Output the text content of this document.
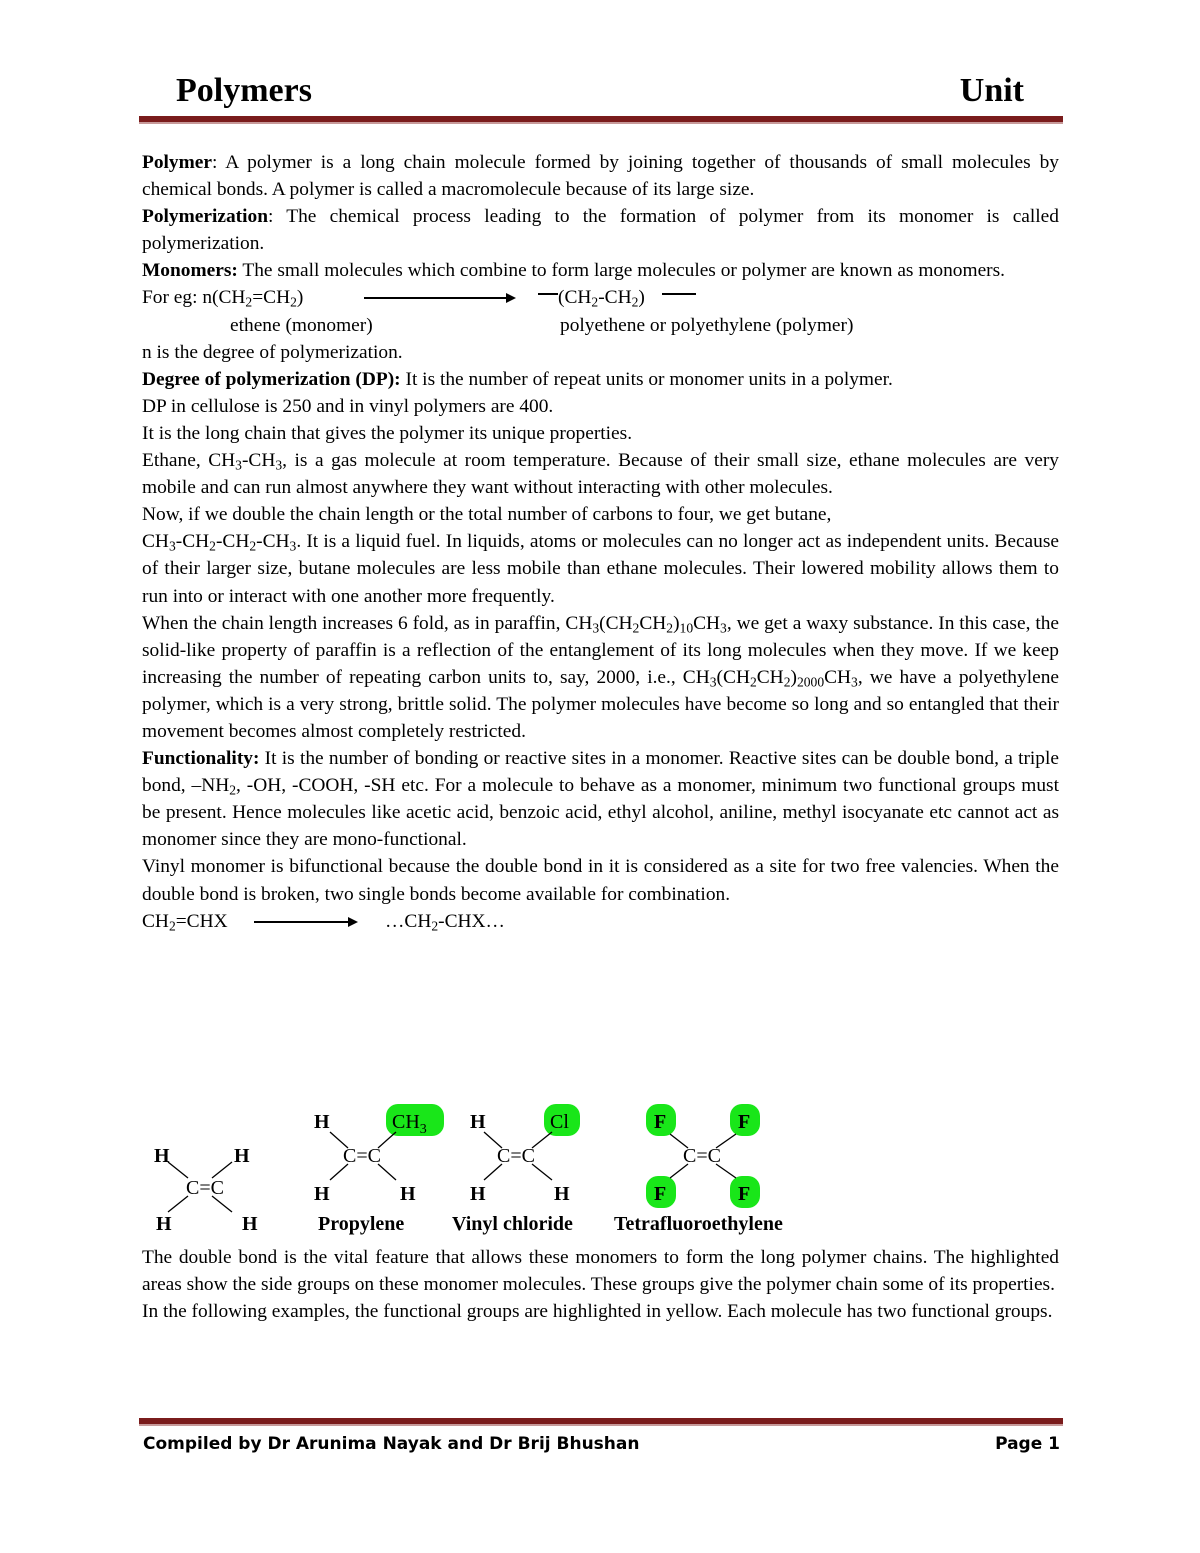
Polymers	Unit

Polymer: A polymer is a long chain molecule formed by joining together of thousands of small molecules by chemical bonds. A polymer is called a macromolecule because of its large size.

Polymerization: The chemical process leading to the formation of polymer from its monomer is called polymerization.

Monomers: The small molecules which combine to form large molecules or polymer are known as monomers.

For eg: $n(CH_2=CH_2)$	$(CH_2-CH_2)$
ethene (monomer)	polyethene or polyethylene (polymer)

n is the degree of polymerization.

Degree of polymerization (DP): It is the number of repeat units or monomer units in a polymer.

DP in cellulose is 250 and in vinyl polymers are 400.

It is the long chain that gives the polymer its unique properties.

Ethane, $CH_3-CH_3$, is a gas molecule at room temperature. Because of their small size, ethane molecules are very mobile and can run almost anywhere they want without interacting with other molecules.

Now, if we double the chain length or the total number of carbons to four, we get butane,

$CH_3-CH_2-CH_2-CH_3$. It is a liquid fuel. In liquids, atoms or molecules can no longer act as independent units. Because of their larger size, butane molecules are less mobile than ethane molecules. Their lowered mobility allows them to run into or interact with one another more frequently.

When the chain length increases 6 fold, as in paraffin, $CH_3(CH_2CH_2)_{10}CH_3$, we get a waxy substance. In this case, the solid-like property of paraffin is a reflection of the entanglement of its long molecules when they move. If we keep increasing the number of repeating carbon units to, say, 2000, i.e., $CH_3(CH_2CH_2)_{2000}CH_3$, we have a polyethylene polymer, which is a very strong, brittle solid. The polymer molecules have become so long and so entangled that their movement becomes almost completely restricted.

Functionality: It is the number of bonding or reactive sites in a monomer. Reactive sites can be double bond, a triple bond, $-NH_2$, -OH, -COOH, -SH etc. For a molecule to behave as a monomer, minimum two functional groups must be present. Hence molecules like acetic acid, benzoic acid, ethyl alcohol, aniline, methyl isocyanate etc cannot act as monomer since they are mono-functional.

Vinyl monomer is bifunctional because the double bond in it is considered as a site for two free valencies. When the double bond is broken, two single bonds become available for combination.

$CH_2=CHX$	$\dots CH_2-CHX\dots$
H	H
C=C
H	H
H	$CH_3$
C=C
H	H
Propylene
H	Cl
C=C
H	H
Vinyl chloride
F	F
C=C
F	F
Tetrafluoroethylene

The double bond is the vital feature that allows these monomers to form the long polymer chains. The highlighted areas show the side groups on these monomer molecules. These groups give the polymer chain some of its properties.

In the following examples, the functional groups are highlighted in yellow. Each molecule has two functional groups.

Compiled by Dr Arunima Nayak and Dr Brij Bhushan	Page 1
